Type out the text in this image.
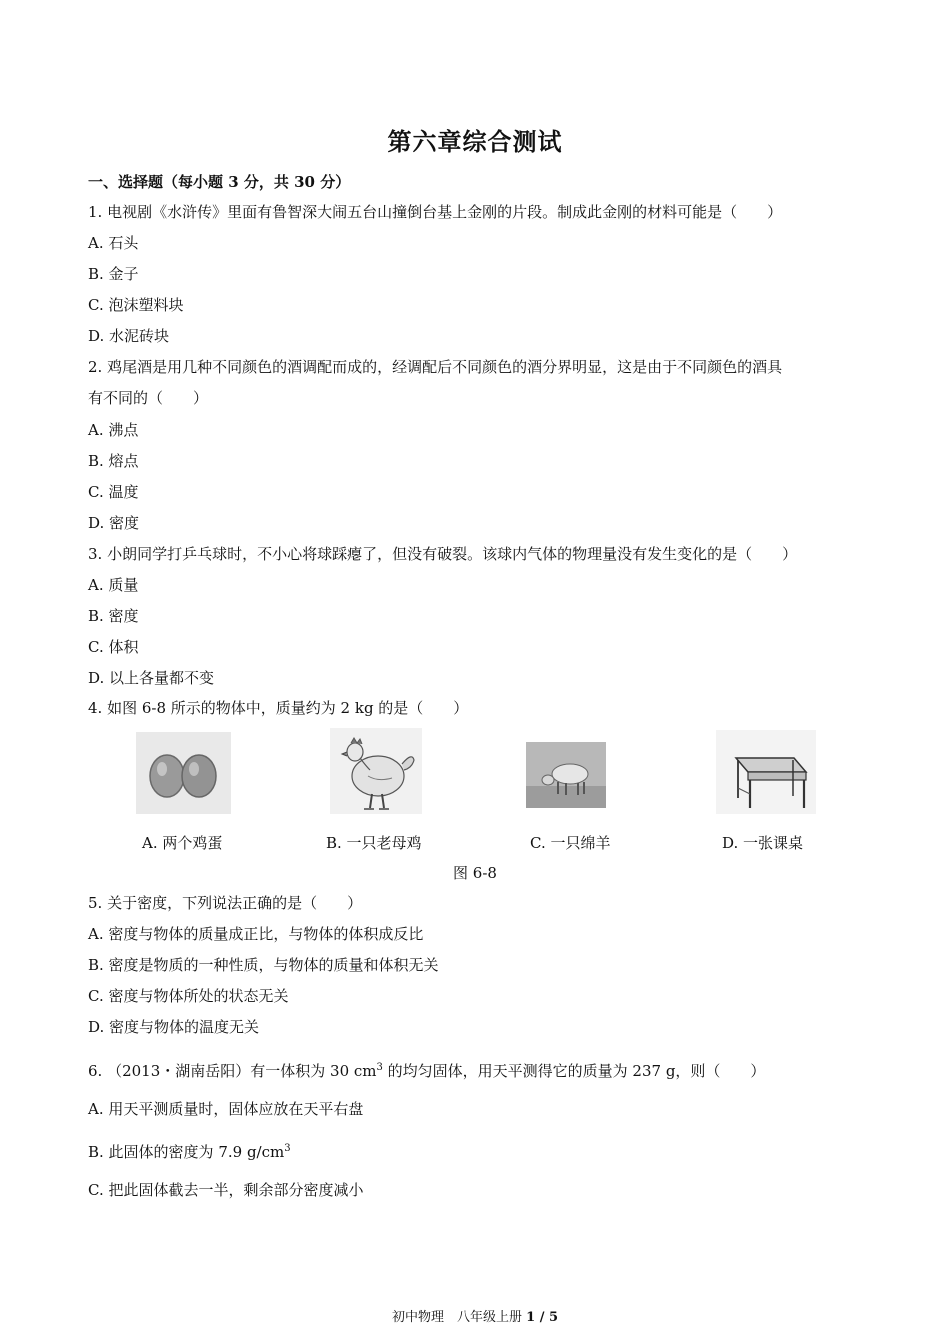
第六章综合测试
一、选择题（每小题 3 分，共 30 分）
1. 电视剧《水浒传》里面有鲁智深大闹五台山撞倒台基上金刚的片段。制成此金刚的材料可能是（　　）
A. 石头
B. 金子
C. 泡沫塑料块
D. 水泥砖块
2. 鸡尾酒是用几种不同颜色的酒调配而成的，经调配后不同颜色的酒分界明显，这是由于不同颜色的酒具
有不同的（　　）
A. 沸点
B. 熔点
C. 温度
D. 密度
3. 小朗同学打乒乓球时，不小心将球踩瘪了，但没有破裂。该球内气体的物理量没有发生变化的是（　　）
A. 质量
B. 密度
C. 体积
D. 以上各量都不变
4. 如图 6-8 所示的物体中，质量约为 2 kg 的是（　　）
A. 两个鸡蛋	B. 一只老母鸡	C. 一只绵羊	D. 一张课桌
图 6-8
5. 关于密度，下列说法正确的是（　　）
A. 密度与物体的质量成正比，与物体的体积成反比
B. 密度是物质的一种性质，与物体的质量和体积无关
C. 密度与物体所处的状态无关
D. 密度与物体的温度无关
6. （2013・湖南岳阳）有一体积为 30 $cm^3$ 的均匀固体，用天平测得它的质量为 237 g，则（　　）
A. 用天平测质量时，固体应放在天平右盘
B. 此固体的密度为 7.9 $g/cm^3$
C. 把此固体截去一半，剩余部分密度减小
初中物理　八年级上册 1 / 5
